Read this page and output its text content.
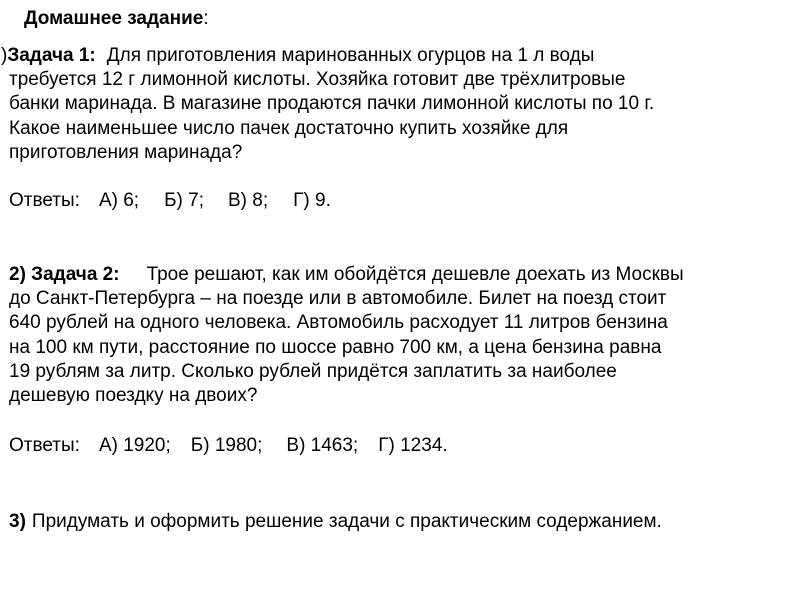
Домашнее задание:
)Задача 1: Для приготовления маринованных огурцов на 1 л воды
требуется 12 г лимонной кислоты. Хозяйка готовит две трёхлитровые
банки маринада. В магазине продаются пачки лимонной кислоты по 10 г.
Какое наименьшее число пачек достаточно купить хозяйке для
приготовления маринада?
Ответы: А) 6; Б) 7; В) 8; Г) 9.
2) Задача 2: Трое решают, как им обойдётся дешевле доехать из Москвы
до Санкт-Петербурга – на поезде или в автомобиле. Билет на поезд стоит
640 рублей на одного человека. Автомобиль расходует 11 литров бензина
на 100 км пути, расстояние по шоссе равно 700 км, а цена бензина равна
19 рублям за литр. Сколько рублей придётся заплатить за наиболее
дешевую поездку на двоих?
Ответы: А) 1920; Б) 1980; В) 1463; Г) 1234.
3) Придумать и оформить решение задачи с практическим содержанием.
